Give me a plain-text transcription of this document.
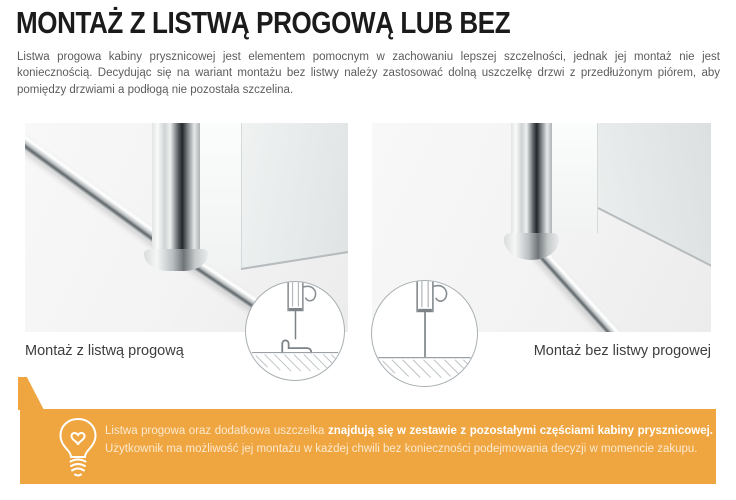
MONTAŻ Z LISTWĄ PROGOWĄ LUB BEZ

Listwa progowa kabiny prysznicowej jest elementem pomocnym w zachowaniu lepszej szczelności, jednak jej montaż nie jest koniecznością. Decydując się na wariant montażu bez listwy należy zastosować dolną uszczelkę drzwi z przedłużonym piórem, aby pomiędzy drzwiami a podłogą nie pozostała szczelina.

Montaż z listwą progową	Montaż bez listwy progowej

Listwa progowa oraz dodatkowa uszczelka znajdują się w zestawie z pozostałymi częściami kabiny prysznicowej.

Użytkownik ma możliwość jej montażu w każdej chwili bez konieczności podejmowania decyzji w momencie zakupu.
